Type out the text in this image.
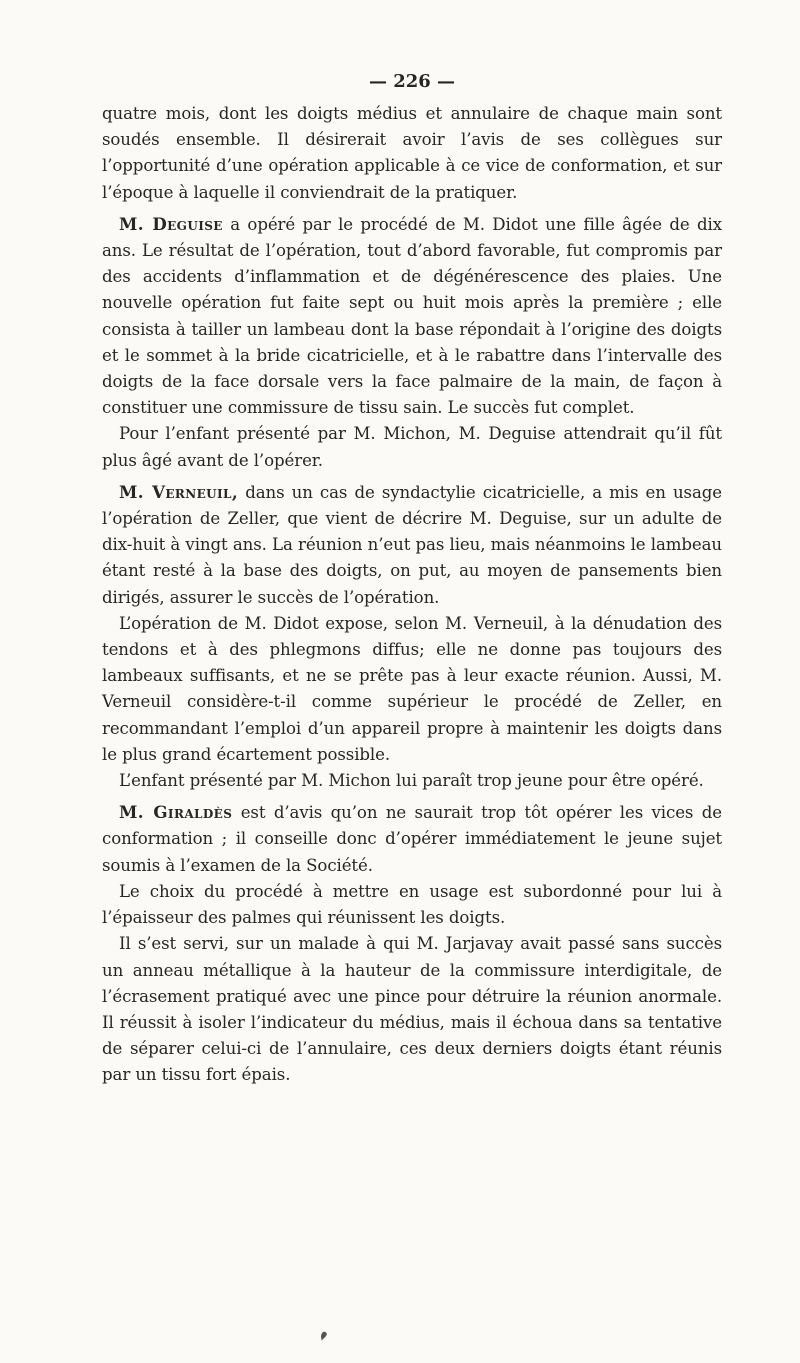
— 226 —

quatre mois, dont les doigts médius et annulaire de chaque main sont soudés ensemble. Il désirerait avoir l’avis de ses collègues sur l’opportunité d’une opération applicable à ce vice de conformation, et sur l’époque à laquelle il conviendrait de la pratiquer.

M. Deguise a opéré par le procédé de M. Didot une fille âgée de dix ans. Le résultat de l’opération, tout d’abord favorable, fut compromis par des accidents d’inflammation et de dégénérescence des plaies. Une nouvelle opération fut faite sept ou huit mois après la première ; elle consista à tailler un lambeau dont la base répondait à l’origine des doigts et le sommet à la bride cicatricielle, et à le rabattre dans l’intervalle des doigts de la face dorsale vers la face palmaire de la main, de façon à constituer une commissure de tissu sain. Le succès fut complet.

Pour l’enfant présenté par M. Michon, M. Deguise attendrait qu’il fût plus âgé avant de l’opérer.

M. Verneuil, dans un cas de syndactylie cicatricielle, a mis en usage l’opération de Zeller, que vient de décrire M. Deguise, sur un adulte de dix-huit à vingt ans. La réunion n’eut pas lieu, mais néanmoins le lambeau étant resté à la base des doigts, on put, au moyen de pansements bien dirigés, assurer le succès de l’opération.

L’opération de M. Didot expose, selon M. Verneuil, à la dénudation des tendons et à des phlegmons diffus; elle ne donne pas toujours des lambeaux suffisants, et ne se prête pas à leur exacte réunion. Aussi, M. Verneuil considère-t-il comme supérieur le procédé de Zeller, en recommandant l’emploi d’un appareil propre à maintenir les doigts dans le plus grand écartement possible.

L’enfant présenté par M. Michon lui paraît trop jeune pour être opéré.

M. Giraldès est d’avis qu’on ne saurait trop tôt opérer les vices de conformation ; il conseille donc d’opérer immédiatement le jeune sujet soumis à l’examen de la Société.

Le choix du procédé à mettre en usage est subordonné pour lui à l’épaisseur des palmes qui réunissent les doigts.

Il s’est servi, sur un malade à qui M. Jarjavay avait passé sans succès un anneau métallique à la hauteur de la commissure interdigitale, de l’écrasement pratiqué avec une pince pour détruire la réunion anormale. Il réussit à isoler l’indicateur du médius, mais il échoua dans sa tentative de séparer celui-ci de l’annulaire, ces deux derniers doigts étant réunis par un tissu fort épais.
